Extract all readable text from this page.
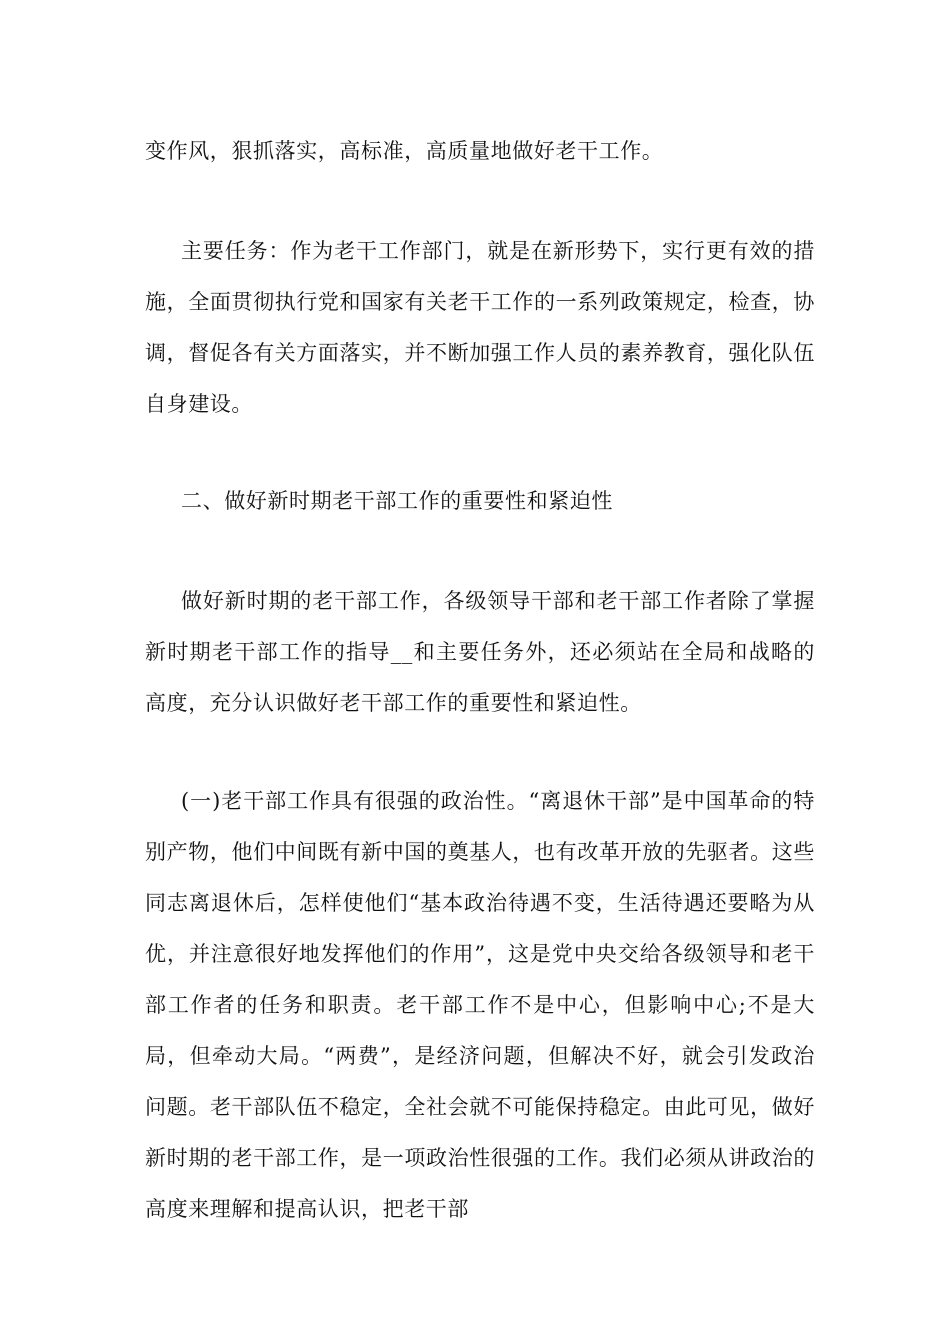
变作风，狠抓落实，高标准，高质量地做好老干工作。

主要任务：作为老干工作部门，就是在新形势下，实行更有效的措施，全面贯彻执行党和国家有关老干工作的一系列政策规定，检查，协调，督促各有关方面落实，并不断加强工作人员的素养教育，强化队伍自身建设。

二、做好新时期老干部工作的重要性和紧迫性

做好新时期的老干部工作，各级领导干部和老干部工作者除了掌握新时期老干部工作的指导__和主要任务外，还必须站在全局和战略的高度，充分认识做好老干部工作的重要性和紧迫性。

(一)老干部工作具有很强的政治性。“离退休干部”是中国革命的特别产物，他们中间既有新中国的奠基人，也有改革开放的先驱者。这些同志离退休后，怎样使他们“基本政治待遇不变，生活待遇还要略为从优，并注意很好地发挥他们的作用”，这是党中央交给各级领导和老干部工作者的任务和职责。老干部工作不是中心，但影响中心;不是大局，但牵动大局。“两费”，是经济问题，但解决不好，就会引发政治问题。老干部队伍不稳定，全社会就不可能保持稳定。由此可见，做好新时期的老干部工作，是一项政治性很强的工作。我们必须从讲政治的高度来理解和提高认识，把老干部
